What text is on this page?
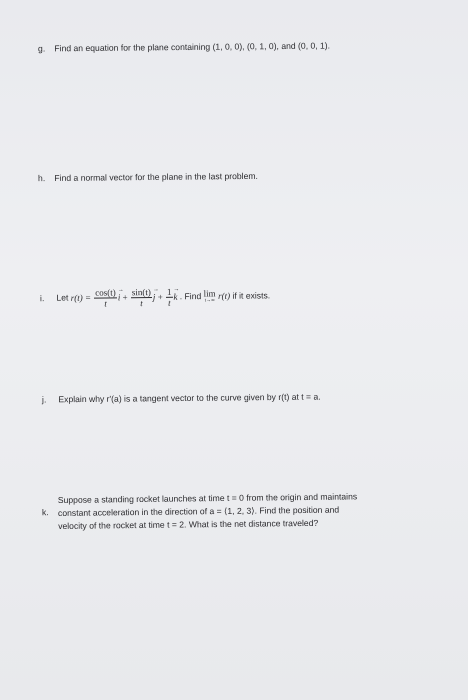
g. Find an equation for the plane containing (1, 0, 0), (0, 1, 0), and (0, 0, 1).
h. Find a normal vector for the plane in the last problem.
i. Let $r(t) = \frac{\cos(t)}{t}$
→ $i + \frac{\sin(t)}{t}$
→ $j + \frac{1}{t}$
→ k . Find lim
t→∞
r(t) if it exists.
j. Explain why r'(a) is a tangent vector to the curve given by r(t) at t = a.
k.
Suppose a standing rocket launches at time t = 0 from the origin and maintains
constant acceleration in the direction of a = ⟨1, 2, 3⟩. Find the position and
velocity of the rocket at time t = 2. What is the net distance traveled?
